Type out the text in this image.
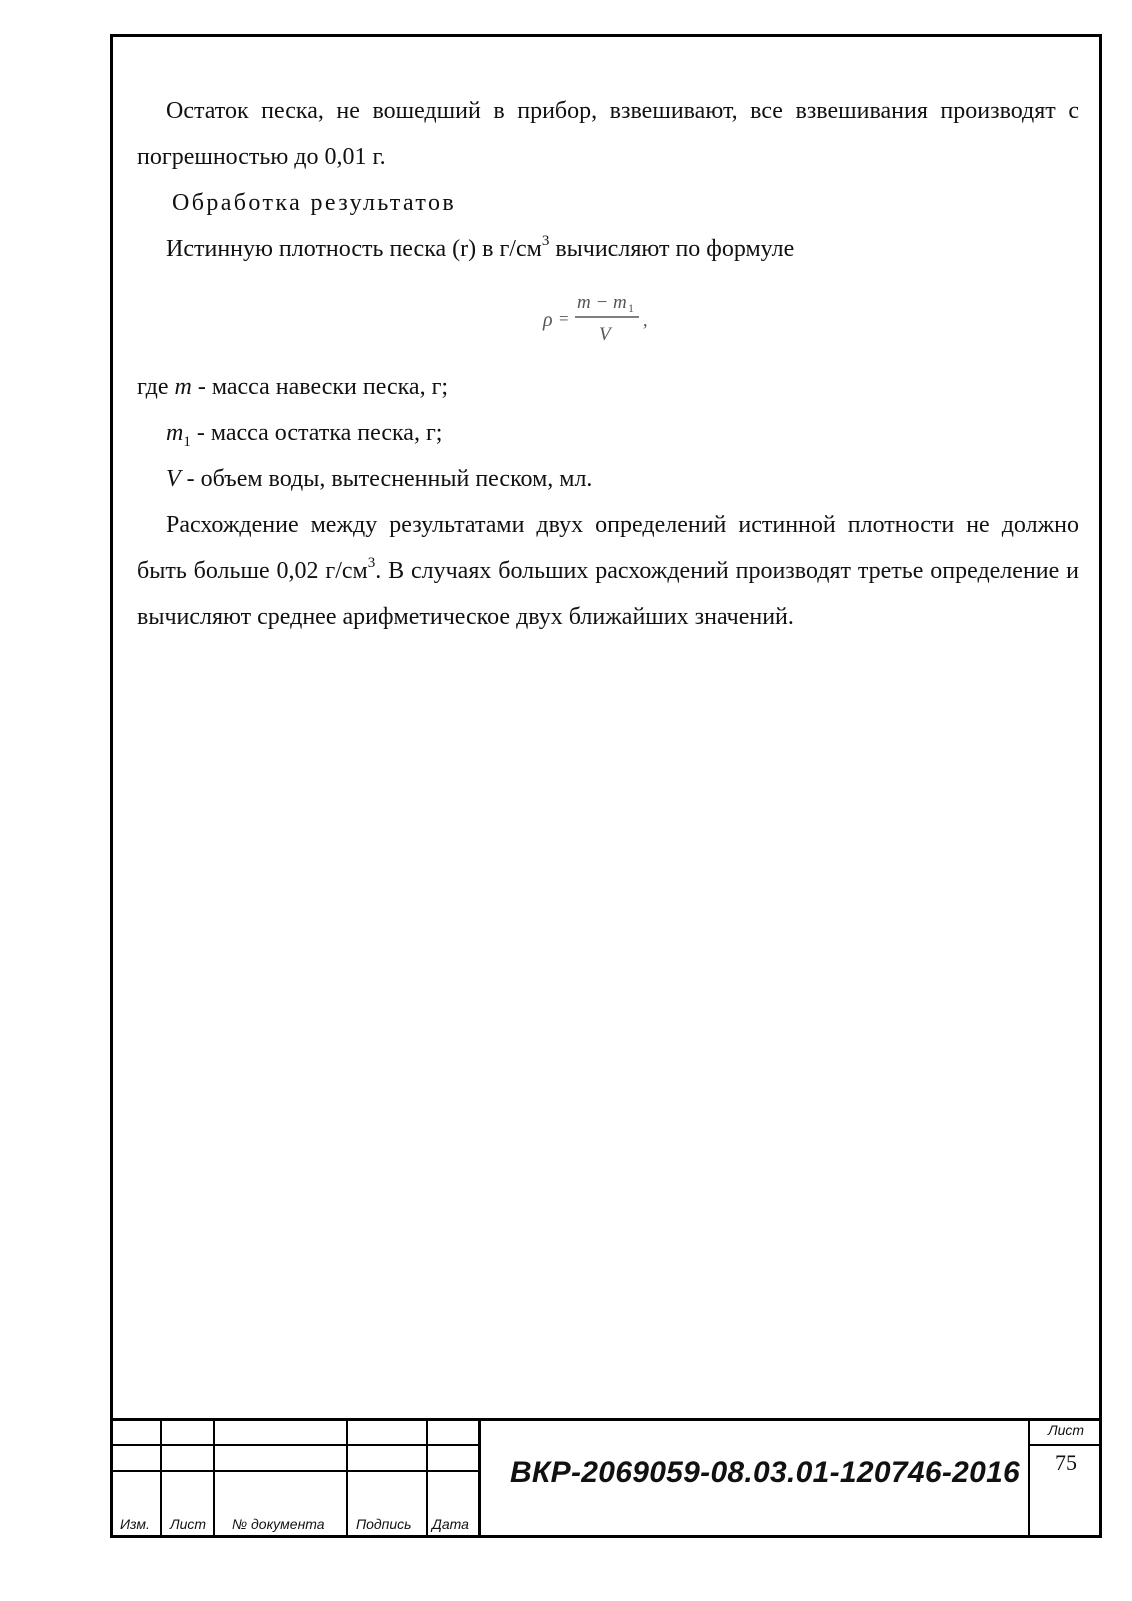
Остаток песка, не вошедший в прибор, взвешивают, все взвешивания производят с погрешностью до 0,01 г.

Обработка результатов

Истинную плотность песка (r) в $г/см^3$ вычисляют по формуле

ρ =
m − m 1
V
,

где m - масса навески песка, г;

$m_1$ - масса остатка песка, г;

V - объем воды, вытесненный песком, мл.

Расхождение между результатами двух определений истинной плотности не должно быть больше 0,02 $г/см^3$. В случаях больших расхождений производят третье определение и вычисляют среднее арифметическое двух ближайших значений.

Изм. Лист № документа Подпись Дата
ВКР-2069059-08.03.01-120746-2016
Лист
75
